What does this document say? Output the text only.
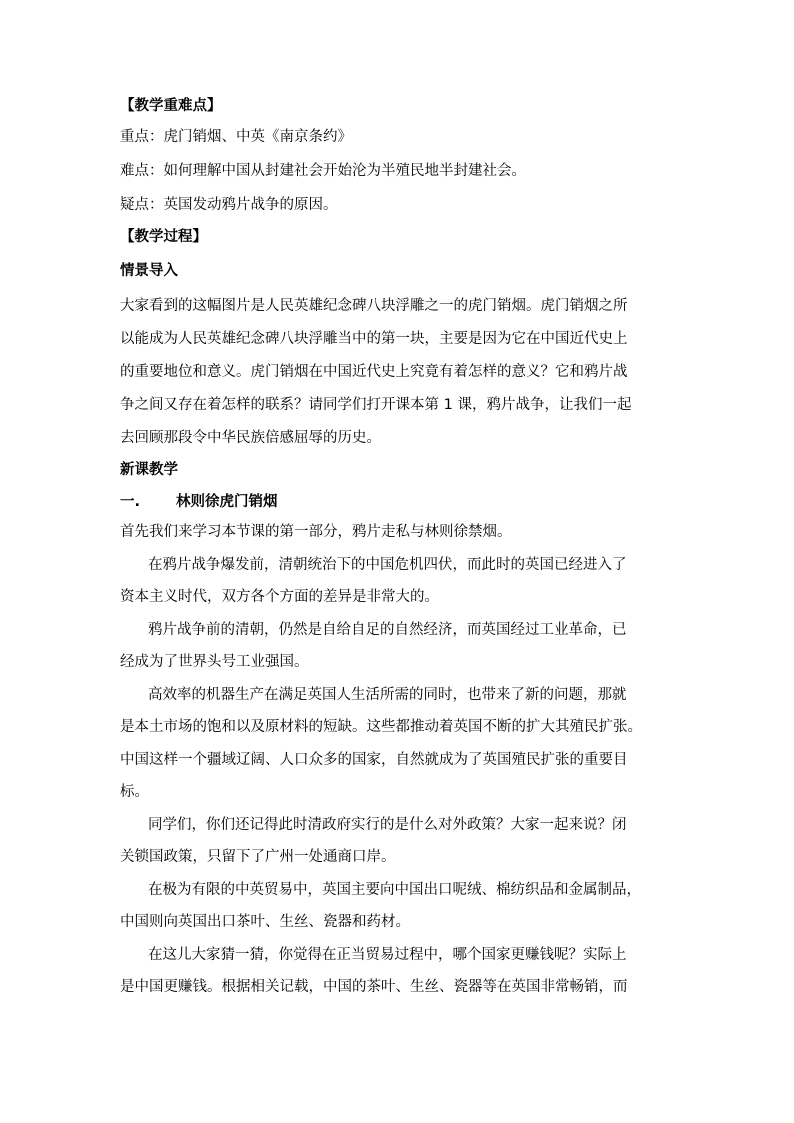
【教学重难点】
重点：虎门销烟、中英《南京条约》
难点：如何理解中国从封建社会开始沦为半殖民地半封建社会。
疑点：英国发动鸦片战争的原因。
【教学过程】
情景导入
大家看到的这幅图片是人民英雄纪念碑八块浮雕之一的虎门销烟。虎门销烟之所
以能成为人民英雄纪念碑八块浮雕当中的第一块，主要是因为它在中国近代史上
的重要地位和意义。虎门销烟在中国近代史上究竟有着怎样的意义？它和鸦片战
争之间又存在着怎样的联系？请同学们打开课本第 1 课，鸦片战争，让我们一起
去回顾那段令中华民族倍感屈辱的历史。
新课教学
一. 林则徐虎门销烟
首先我们来学习本节课的第一部分，鸦片走私与林则徐禁烟。
在鸦片战争爆发前，清朝统治下的中国危机四伏，而此时的英国已经进入了
资本主义时代，双方各个方面的差异是非常大的。
鸦片战争前的清朝，仍然是自给自足的自然经济，而英国经过工业革命，已
经成为了世界头号工业强国。
高效率的机器生产在满足英国人生活所需的同时，也带来了新的问题，那就
是本土市场的饱和以及原材料的短缺。这些都推动着英国不断的扩大其殖民扩张。
中国这样一个疆域辽阔、人口众多的国家，自然就成为了英国殖民扩张的重要目
标。
同学们，你们还记得此时清政府实行的是什么对外政策？大家一起来说？闭
关锁国政策，只留下了广州一处通商口岸。
在极为有限的中英贸易中，英国主要向中国出口呢绒、棉纺织品和金属制品，
中国则向英国出口茶叶、生丝、瓷器和药材。
在这儿大家猜一猜，你觉得在正当贸易过程中，哪个国家更赚钱呢？实际上
是中国更赚钱。根据相关记载，中国的茶叶、生丝、瓷器等在英国非常畅销，而
